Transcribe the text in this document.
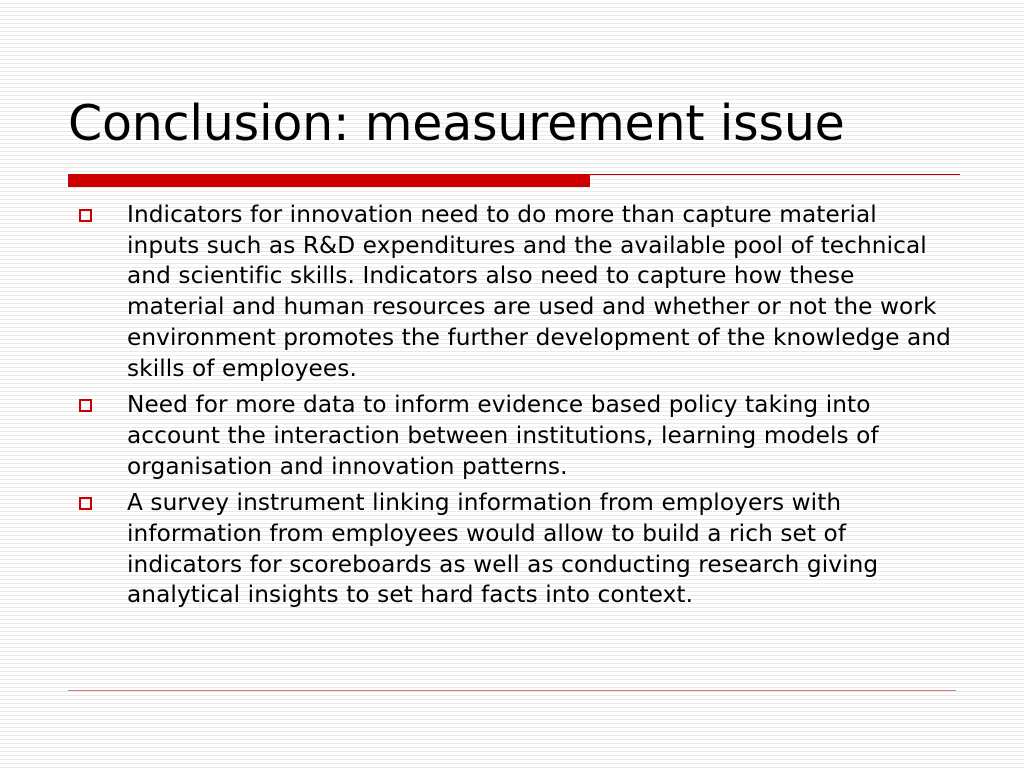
Conclusion: measurement issue
Indicators for innovation need to do more than capture material inputs such as R&D expenditures and the available pool of technical and scientific skills. Indicators also need to capture how these material and human resources are used and whether or not the work environment promotes the further development of the knowledge and skills of employees.
Need for more data to inform evidence based policy taking into account the interaction between institutions, learning models of organisation and innovation patterns.
A survey instrument linking information from employers with information from employees would allow to build a rich set of indicators for scoreboards as well as conducting research giving analytical insights to set hard facts into context.
